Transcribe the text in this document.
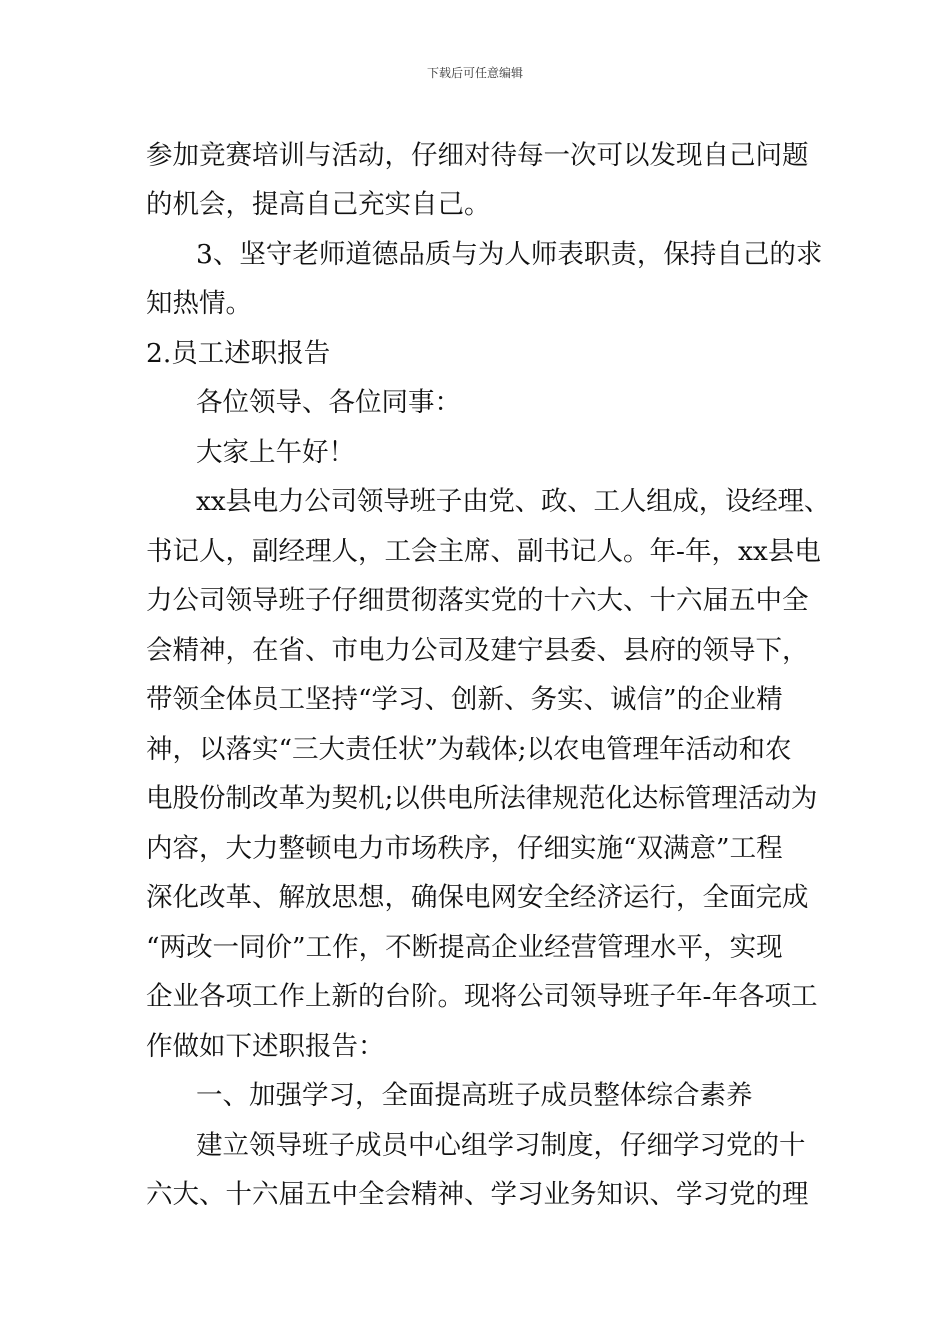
下载后可任意编辑
参加竞赛培训与活动，仔细对待每一次可以发现自己问题
的机会，提高自己充实自己。
3、坚守老师道德品质与为人师表职责，保持自己的求
知热情。
2.员工述职报告
各位领导、各位同事：
大家上午好！
xx县电力公司领导班子由党、政、工人组成，设经理、
书记人，副经理人，工会主席、副书记人。年-年，xx县电
力公司领导班子仔细贯彻落实党的十六大、十六届五中全
会精神，在省、市电力公司及建宁县委、县府的领导下，
带领全体员工坚持“学习、创新、务实、诚信”的企业精
神，以落实“三大责任状”为载体;以农电管理年活动和农
电股份制改革为契机;以供电所法律规范化达标管理活动为
内容，大力整顿电力市场秩序，仔细实施“双满意”工程
深化改革、解放思想，确保电网安全经济运行，全面完成
“两改一同价”工作，不断提高企业经营管理水平，实现
企业各项工作上新的台阶。现将公司领导班子年-年各项工
作做如下述职报告：
一、加强学习，全面提高班子成员整体综合素养
建立领导班子成员中心组学习制度，仔细学习党的十
六大、十六届五中全会精神、学习业务知识、学习党的理
